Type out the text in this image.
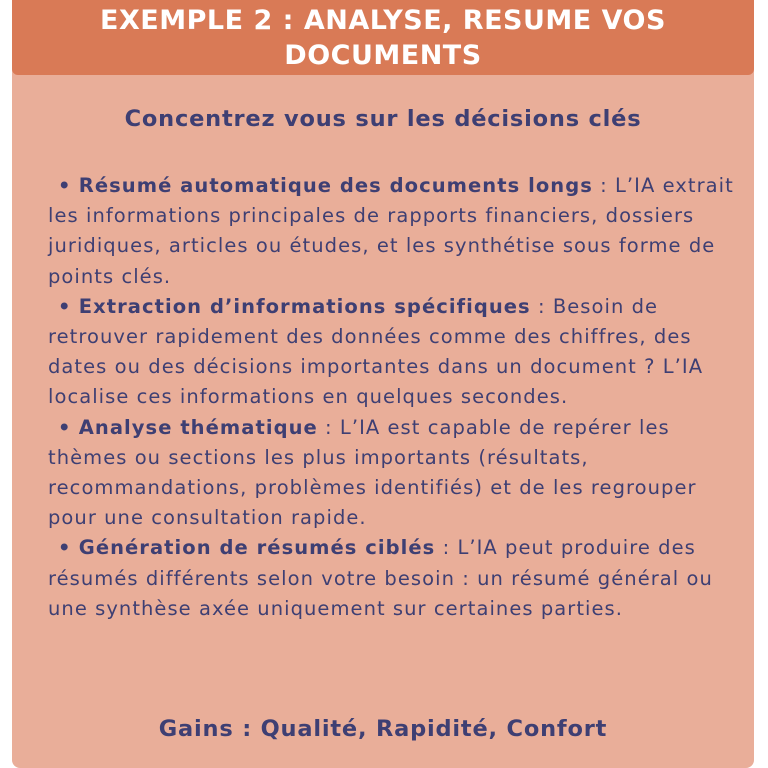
EXEMPLE 2 : ANALYSE, RESUME VOS DOCUMENTS

Concentrez vous sur les décisions clés

• Résumé automatique des documents longs : L’IA extrait les informations principales de rapports financiers, dossiers juridiques, articles ou études, et les synthétise sous forme de points clés.
• Extraction d’informations spécifiques : Besoin de retrouver rapidement des données comme des chiffres, des dates ou des décisions importantes dans un document ? L’IA localise ces informations en quelques secondes.
• Analyse thématique : L’IA est capable de repérer les thèmes ou sections les plus importants (résultats, recommandations, problèmes identifiés) et de les regrouper pour une consultation rapide.
• Génération de résumés ciblés : L’IA peut produire des résumés différents selon votre besoin : un résumé général ou une synthèse axée uniquement sur certaines parties.

Gains : Qualité, Rapidité, Confort
